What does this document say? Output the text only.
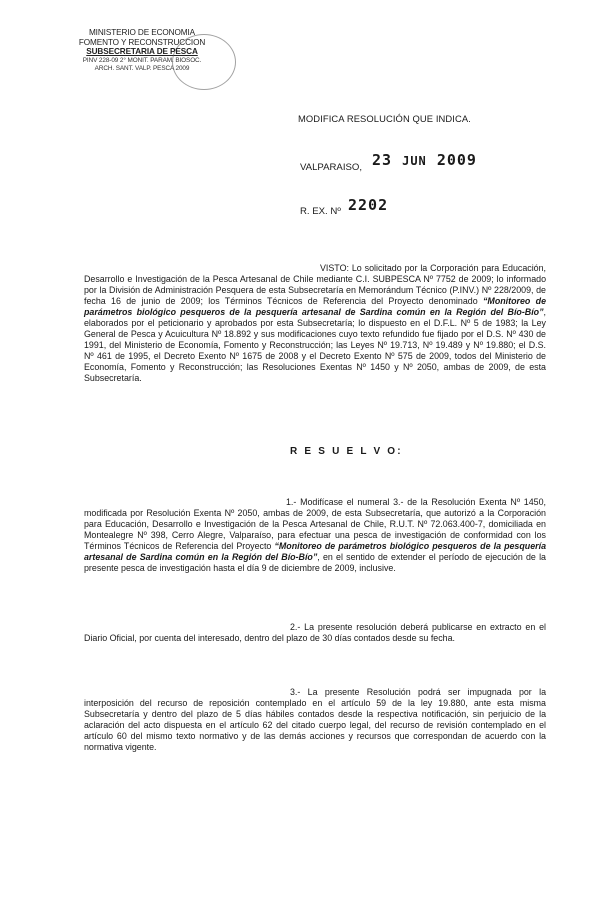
MINISTERIO DE ECONOMIA
FOMENTO Y RECONSTRUCCION
SUBSECRETARIA DE PESCA
PINV 228-09 2° MONIT. PARAM. BIOSOC.
ARCH. SANT. VALP. PESCA 2009
MODIFICA RESOLUCIÓN QUE INDICA.
VALPARAISO, 23 JUN 2009
R. EX. Nº 2202
VISTO: Lo solicitado por la Corporación para Educación, Desarrollo e Investigación de la Pesca Artesanal de Chile mediante C.I. SUBPESCA Nº 7752 de 2009; lo informado por la División de Administración Pesquera de esta Subsecretaría en Memorándum Técnico (P.INV.) Nº 228/2009, de fecha 16 de junio de 2009; los Términos Técnicos de Referencia del Proyecto denominado “Monitoreo de parámetros biológico pesqueros de la pesquería artesanal de Sardina común en la Región del Bío-Bío”, elaborados por el peticionario y aprobados por esta Subsecretaría; lo dispuesto en el D.F.L. Nº 5 de 1983; la Ley General de Pesca y Acuicultura Nº 18.892 y sus modificaciones cuyo texto refundido fue fijado por el D.S. Nº 430 de 1991, del Ministerio de Economía, Fomento y Reconstrucción; las Leyes Nº 19.713, Nº 19.489 y Nº 19.880; el D.S. Nº 461 de 1995, el Decreto Exento Nº 1675 de 2008 y el Decreto Exento Nº 575 de 2009, todos del Ministerio de Economía, Fomento y Reconstrucción; las Resoluciones Exentas Nº 1450 y Nº 2050, ambas de 2009, de esta Subsecretaría.
R E S U E L V O:
1.- Modifícase el numeral 3.- de la Resolución Exenta Nº 1450, modificada por Resolución Exenta Nº 2050, ambas de 2009, de esta Subsecretaría, que autorizó a la Corporación para Educación, Desarrollo e Investigación de la Pesca Artesanal de Chile, R.U.T. Nº 72.063.400-7, domiciliada en Montealegre Nº 398, Cerro Alegre, Valparaíso, para efectuar una pesca de investigación de conformidad con los Términos Técnicos de Referencia del Proyecto “Monitoreo de parámetros biológico pesqueros de la pesquería artesanal de Sardina común en la Región del Bío-Bío”, en el sentido de extender el período de ejecución de la presente pesca de investigación hasta el día 9 de diciembre de 2009, inclusive.
2.- La presente resolución deberá publicarse en extracto en el Diario Oficial, por cuenta del interesado, dentro del plazo de 30 días contados desde su fecha.
3.- La presente Resolución podrá ser impugnada por la interposición del recurso de reposición contemplado en el artículo 59 de la ley 19.880, ante esta misma Subsecretaría y dentro del plazo de 5 días hábiles contados desde la respectiva notificación, sin perjuicio de la aclaración del acto dispuesta en el artículo 62 del citado cuerpo legal, del recurso de revisión contemplado en el artículo 60 del mismo texto normativo y de las demás acciones y recursos que correspondan de acuerdo con la normativa vigente.
